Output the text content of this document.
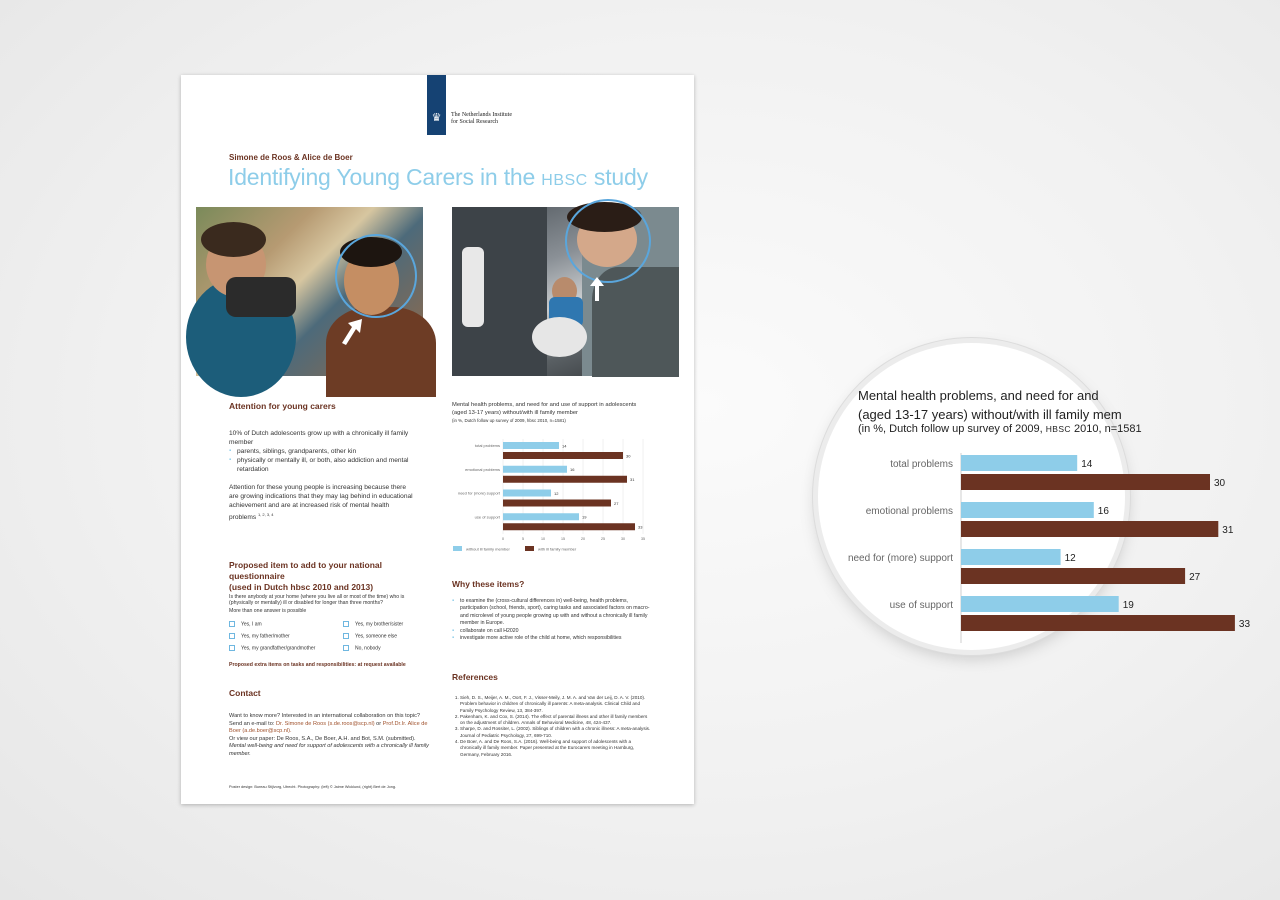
♛	The Netherlands Institute
for Social Research
Simone de Roos & Alice de Boer
Identifying Young Carers in the HBSC study
Attention for young carers
10% of Dutch adolescents grow up with a chronically ill family member
▪ parents, siblings, grandparents, other kin
▪ physically or mentally ill, or both, also addiction and mental retardation
Attention for these young people is increasing because there are growing indications that they may lag behind in educational achievement and are at increased risk of mental health problems $^{1, 2, 3, 4}$
Proposed item to add to your national questionnaire
(used in Dutch hbsc 2010 and 2013)
Is there anybody at your home (where you live all or most of the time) who is (physically or mentally) ill or disabled for longer than three months?
More than one answer is possible
Yes, I am	Yes, my brother/sister
Yes, my father/mother	Yes, someone else
Yes, my grandfather/grandmother	No, nobody
Proposed extra items on tasks and responsibilities: at request available
Contact
Want to know more? Interested in an international collaboration on this topic? Send an e-mail to: Dr. Simone de Roos (s.de.roos@scp.nl) or Prof.Dr.Ir. Alice de Boer (a.de.boer@scp.nl).
Or view our paper: De Roos, S.A., De Boer, A.H. and Bot, S.M. (submitted).
Mental well-being and need for support of adolescents with a chronically ill family member.
Poster design: Bureau Stijlvorg, Utrecht. Photography: (left) © Jaime Wicklund, (right) Bert de Jong.
Mental health problems, and need for and use of support in adolescents
(aged 13-17 years) without/with ill family member
(in %, Dutch follow up survey of 2009, hbsc 2010, n=1581)
0	5	10	15	20	25	30	35
total problems	14
30
emotional problems	16
31
need for (more) support	12
27
use of support	19
33
without ill family member	with ill family member
Why these items?
▪ to examine the (cross-cultural differences in) well-being, health problems, participation (school, friends, sport), caring tasks and associated factors on macro- and microlevel of young people growing up with and without a chronically ill family member in Europe.
▪ collaborate on call H2020
▪ investigate more active role of the child at home, which responsibilities
References
1. Sieh, D. S., Meijer, A. M., Oort, F. J., Visser-Meily, J. M. A. and Van der Leij, D. A. V. (2010). Problem behavior in children of chronically ill parents: A meta-analysis. Clinical Child and Family Psychology Review, 13, 384-397.
2. Pakenham, K. and Cox, S. (2014). The effect of parental illness and other ill family members on the adjustment of children. Annals of Behavioral Medicine, 48, 424-437.
3. Sharpe, D. and Rossiter, L. (2002). Siblings of children with a chronic illness: A meta-analysis. Journal of Pediatric Psychology, 27, 699-710.
4. De Boer, A. and De Roos, S.A. (2016). Well-being and support of adolescents with a chronically ill family member. Paper presented at the Eurocarers meeting in Hamburg, Germany, February 2016.
Mental health problems, and need for and
(aged 13-17 years) without/with ill family mem
(in %, Dutch follow up survey of 2009, HBSC 2010, n=1581
total problems	14
30
emotional problems	16
31
need for (more) support	12
27
use of support	19
33
